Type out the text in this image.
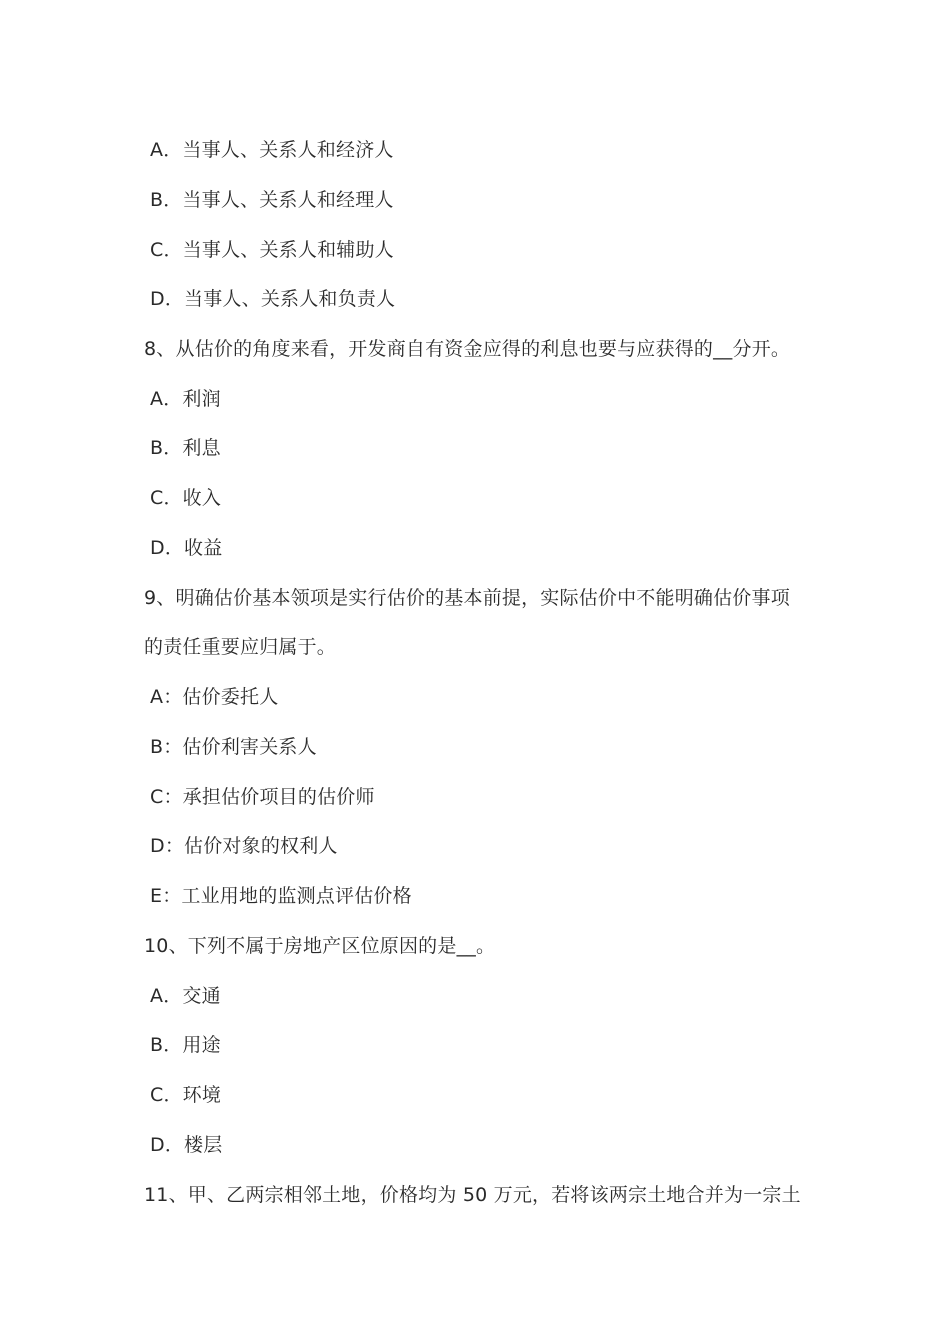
A．当事人、关系人和经济人
B．当事人、关系人和经理人
C．当事人、关系人和辅助人
D．当事人、关系人和负责人
8、从估价的角度来看，开发商自有资金应得的利息也要与应获得的__分开。
A．利润
B．利息
C．收入
D．收益
9、明确估价基本领项是实行估价的基本前提，实际估价中不能明确估价事项
的责任重要应归属于。
A：估价委托人
B：估价利害关系人
C：承担估价项目的估价师
D：估价对象的权利人
E：工业用地的监测点评估价格
10、下列不属于房地产区位原因的是__。
A．交通
B．用途
C．环境
D．楼层
11、甲、乙两宗相邻土地，价格均为 50 万元，若将该两宗土地合并为一宗土
